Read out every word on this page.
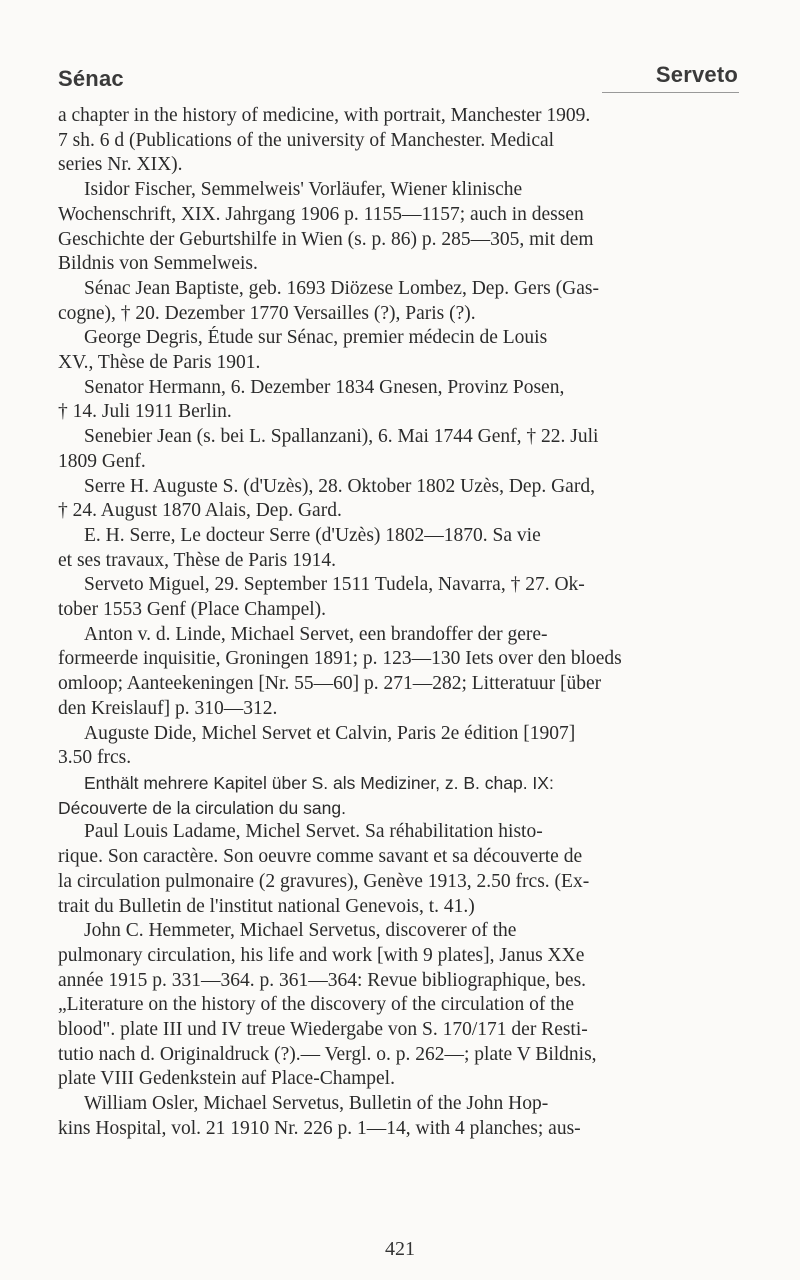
Sénac	Serveto
a chapter in the history of medicine, with portrait, Manchester 1909.
7 sh. 6 d (Publications of the university of Manchester. Medical
series Nr. XIX).
Isidor Fischer, Semmelweis' Vorläufer, Wiener klinische
Wochenschrift, XIX. Jahrgang 1906 p. 1155—1157; auch in dessen
Geschichte der Geburtshilfe in Wien (s. p. 86) p. 285—305, mit dem
Bildnis von Semmelweis.
Sénac Jean Baptiste, geb. 1693 Diözese Lombez, Dep. Gers (Gas-
cogne), † 20. Dezember 1770 Versailles (?), Paris (?).
George Degris, Étude sur Sénac, premier médecin de Louis
XV., Thèse de Paris 1901.
Senator Hermann, 6. Dezember 1834 Gnesen, Provinz Posen,
† 14. Juli 1911 Berlin.
Senebier Jean (s. bei L. Spallanzani), 6. Mai 1744 Genf, † 22. Juli
1809 Genf.
Serre H. Auguste S. (d'Uzès), 28. Oktober 1802 Uzès, Dep. Gard,
† 24. August 1870 Alais, Dep. Gard.
E. H. Serre, Le docteur Serre (d'Uzès) 1802—1870. Sa vie
et ses travaux, Thèse de Paris 1914.
Serveto Miguel, 29. September 1511 Tudela, Navarra, † 27. Ok-
tober 1553 Genf (Place Champel).
Anton v. d. Linde, Michael Servet, een brandoffer der gere-
formeerde inquisitie, Groningen 1891; p. 123—130 Iets over den bloeds
omloop; Aanteekeningen [Nr. 55—60] p. 271—282; Litteratuur [über
den Kreislauf] p. 310—312.
Auguste Dide, Michel Servet et Calvin, Paris 2e édition [1907]
3.50 frcs.
Enthält mehrere Kapitel über S. als Mediziner, z. B. chap. IX:
Découverte de la circulation du sang.
Paul Louis Ladame, Michel Servet. Sa réhabilitation histo-
rique. Son caractère. Son oeuvre comme savant et sa découverte de
la circulation pulmonaire (2 gravures), Genève 1913, 2.50 frcs. (Ex-
trait du Bulletin de l'institut national Genevois, t. 41.)
John C. Hemmeter, Michael Servetus, discoverer of the
pulmonary circulation, his life and work [with 9 plates], Janus XXe
année 1915 p. 331—364. p. 361—364: Revue bibliographique, bes.
„Literature on the history of the discovery of the circulation of the
blood". plate III und IV treue Wiedergabe von S. 170/171 der Resti-
tutio nach d. Originaldruck (?).— Vergl. o. p. 262—; plate V Bildnis,
plate VIII Gedenkstein auf Place-Champel.
William Osler, Michael Servetus, Bulletin of the John Hop-
kins Hospital, vol. 21 1910 Nr. 226 p. 1—14, with 4 planches; aus-
421
